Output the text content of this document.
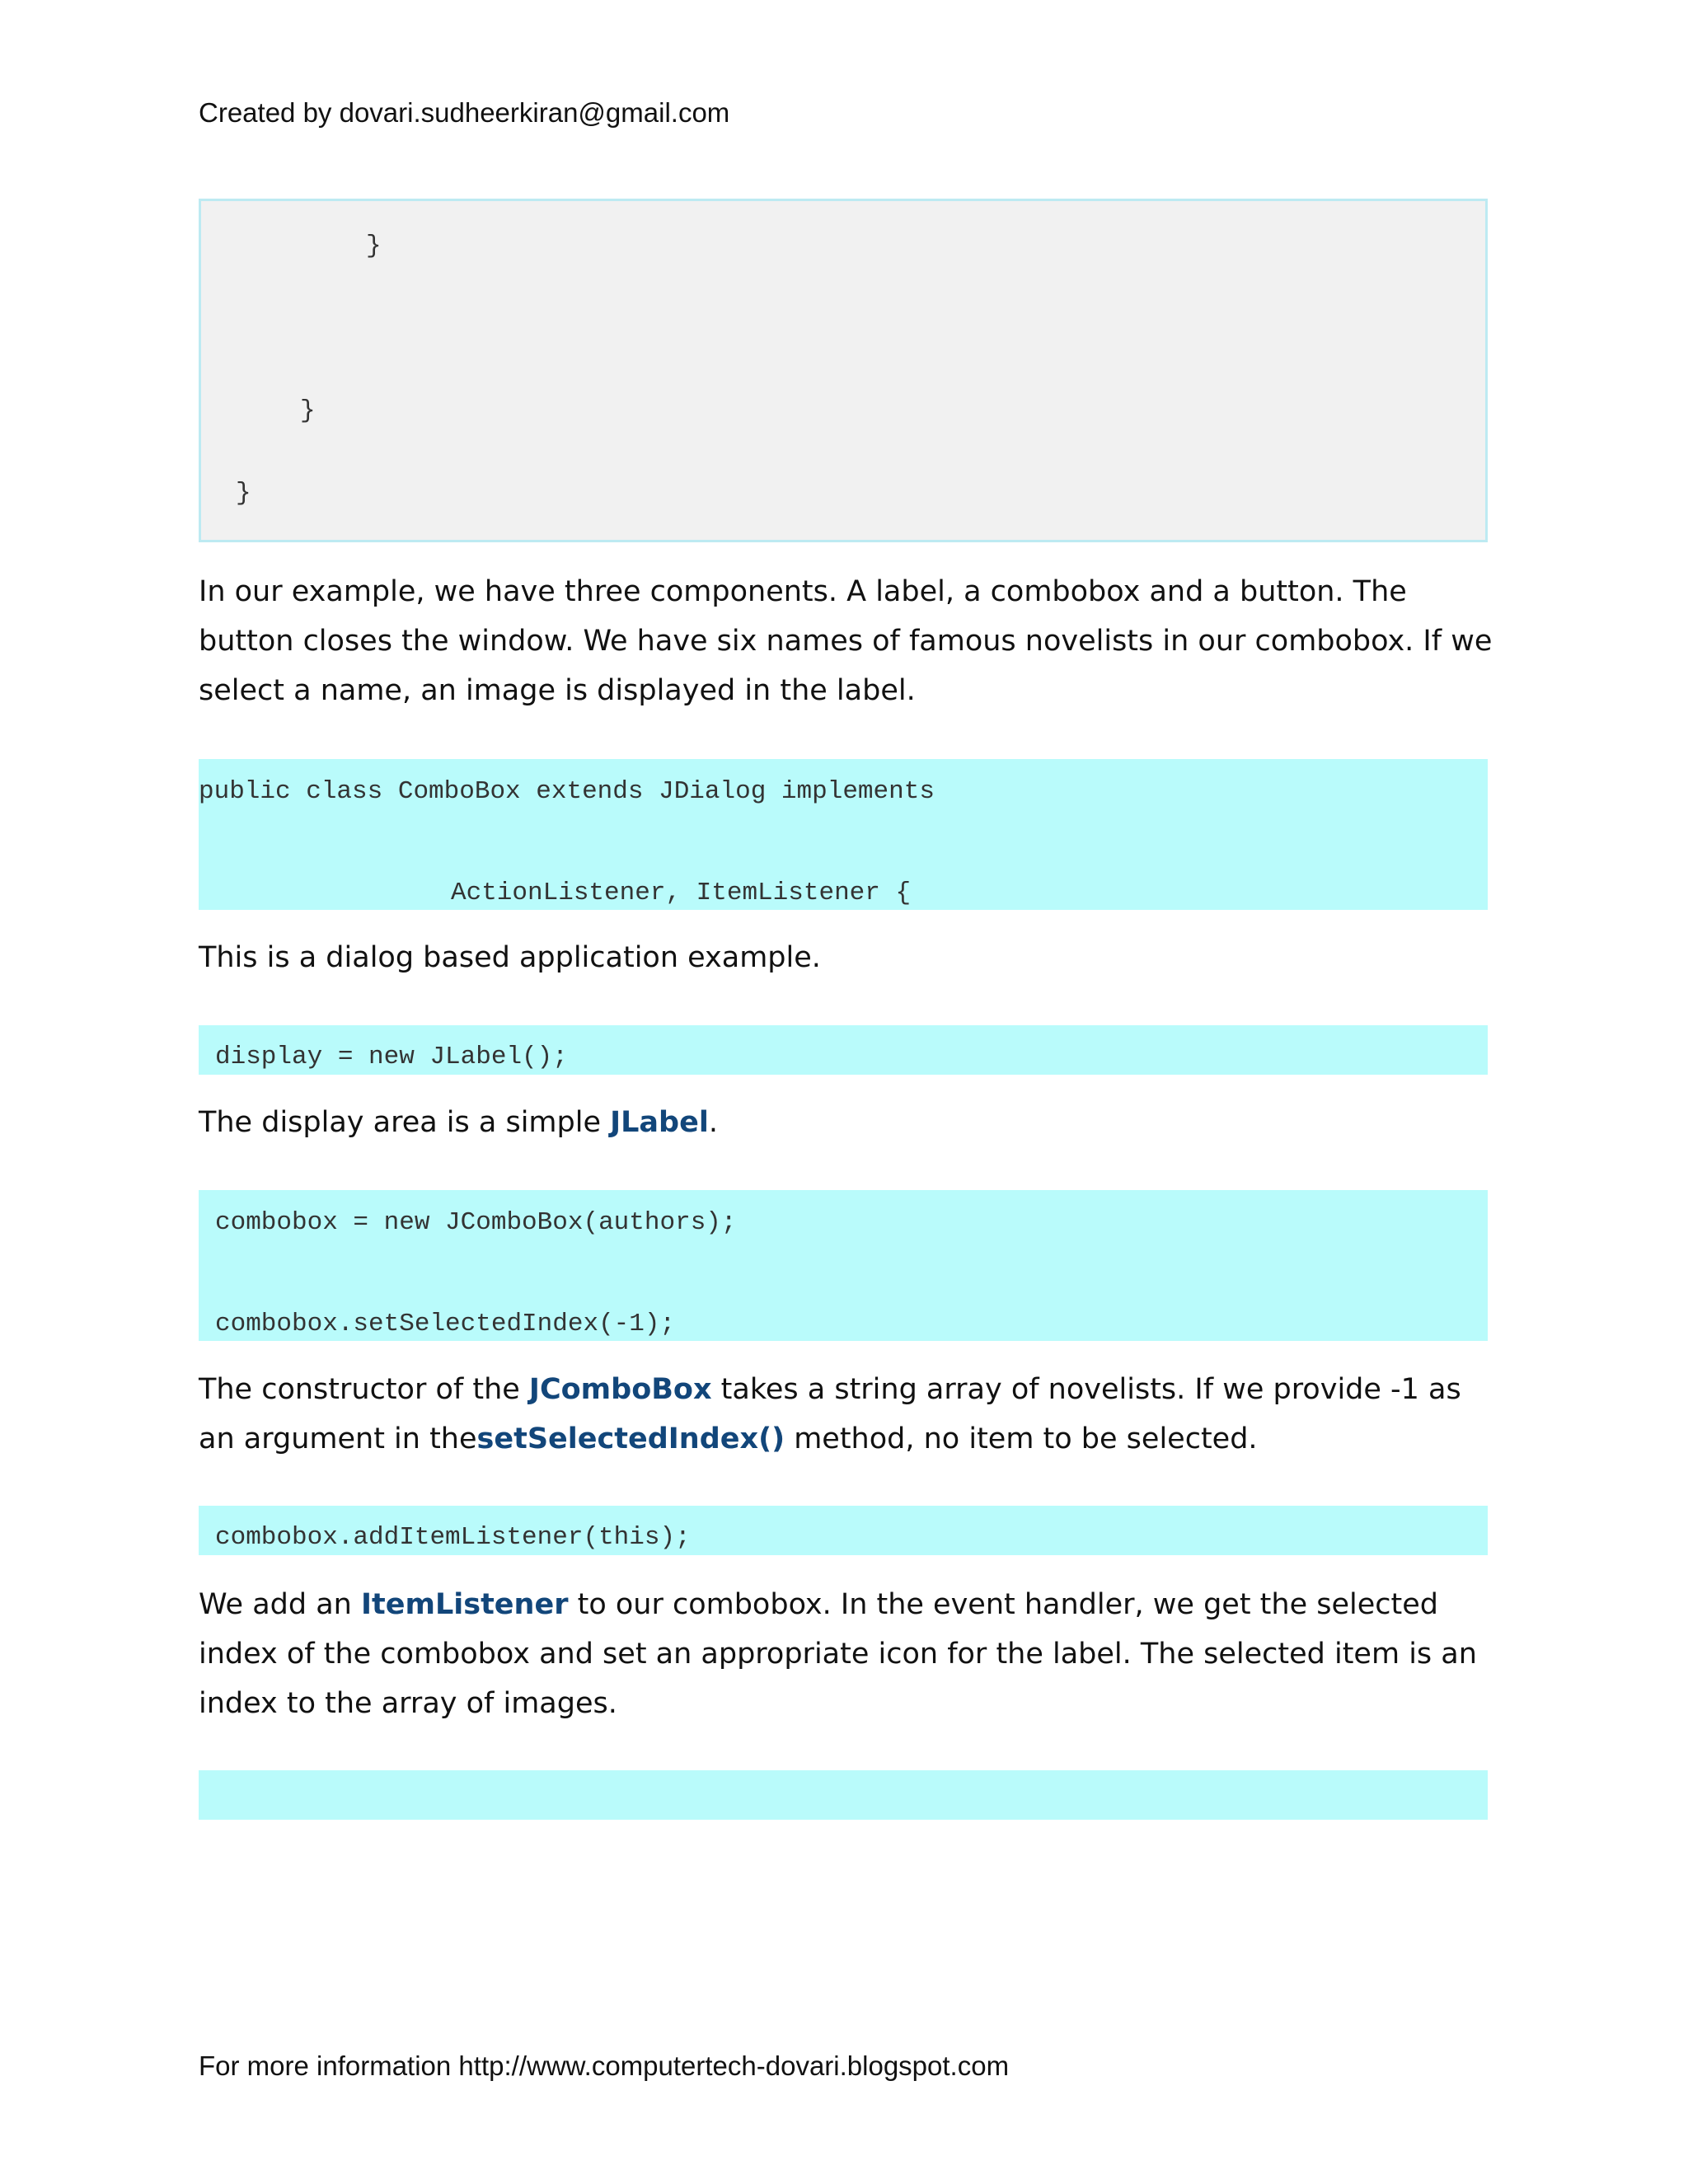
Created by dovari.sudheerkiran@gmail.com
}
}
}

In our example, we have three components. A label, a combobox and a button. The button closes the window. We have six names of famous novelists in our combobox. If we select a name, an image is displayed in the label.

public class ComboBox extends JDialog implements
ActionListener, ItemListener {

This is a dialog based application example.

display = new JLabel();

The display area is a simple JLabel.

combobox = new JComboBox(authors);
combobox.setSelectedIndex(-1);

The constructor of the JComboBox takes a string array of novelists. If we provide -1 as an argument in thesetSelectedIndex() method, no item to be selected.

combobox.addItemListener(this);

We add an ItemListener to our combobox. In the event handler, we get the selected index of the combobox and set an appropriate icon for the label. The selected item is an index to the array of images.

For more information http://www.computertech-dovari.blogspot.com
